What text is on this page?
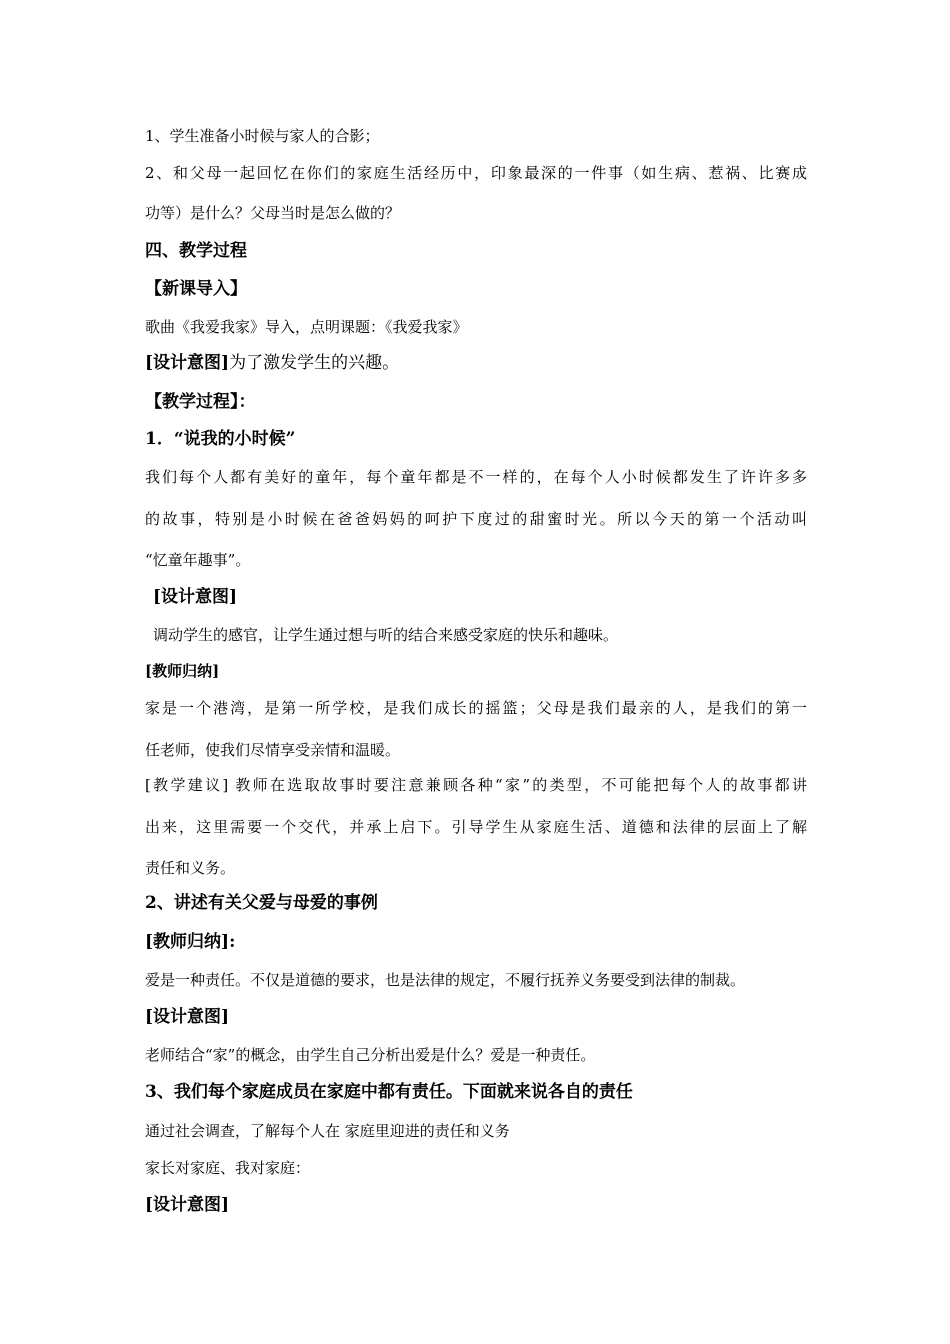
1、学生准备小时候与家人的合影；
2、和父母一起回忆在你们的家庭生活经历中，印象最深的一件事（如生病、惹祸、比赛成
功等）是什么？父母当时是怎么做的？
四、教学过程
【新课导入】
歌曲《我爱我家》导入，点明课题：《我爱我家》
[设计意图]为了激发学生的兴趣。
【教学过程】：
1．“说我的小时候”
我们每个人都有美好的童年，每个童年都是不一样的，在每个人小时候都发生了许许多多
的故事，特别是小时候在爸爸妈妈的呵护下度过的甜蜜时光。所以今天的第一个活动叫
“忆童年趣事”。
[设计意图]
调动学生的感官，让学生通过想与听的结合来感受家庭的快乐和趣味。
[教师归纳]
家是一个港湾，是第一所学校，是我们成长的摇篮；父母是我们最亲的人，是我们的第一
任老师，使我们尽情享受亲情和温暖。
[教学建议] 教师在选取故事时要注意兼顾各种“家”的类型，不可能把每个人的故事都讲
出来，这里需要一个交代，并承上启下。引导学生从家庭生活、道德和法律的层面上了解
责任和义务。
2、讲述有关父爱与母爱的事例
[教师归纳]:
爱是一种责任。不仅是道德的要求，也是法律的规定，不履行抚养义务要受到法律的制裁。
[设计意图]
老师结合“家”的概念，由学生自己分析出爱是什么？爱是一种责任。
3、我们每个家庭成员在家庭中都有责任。下面就来说各自的责任
通过社会调查，了解每个人在 家庭里迎进的责任和义务
家长对家庭、我对家庭：
[设计意图]
